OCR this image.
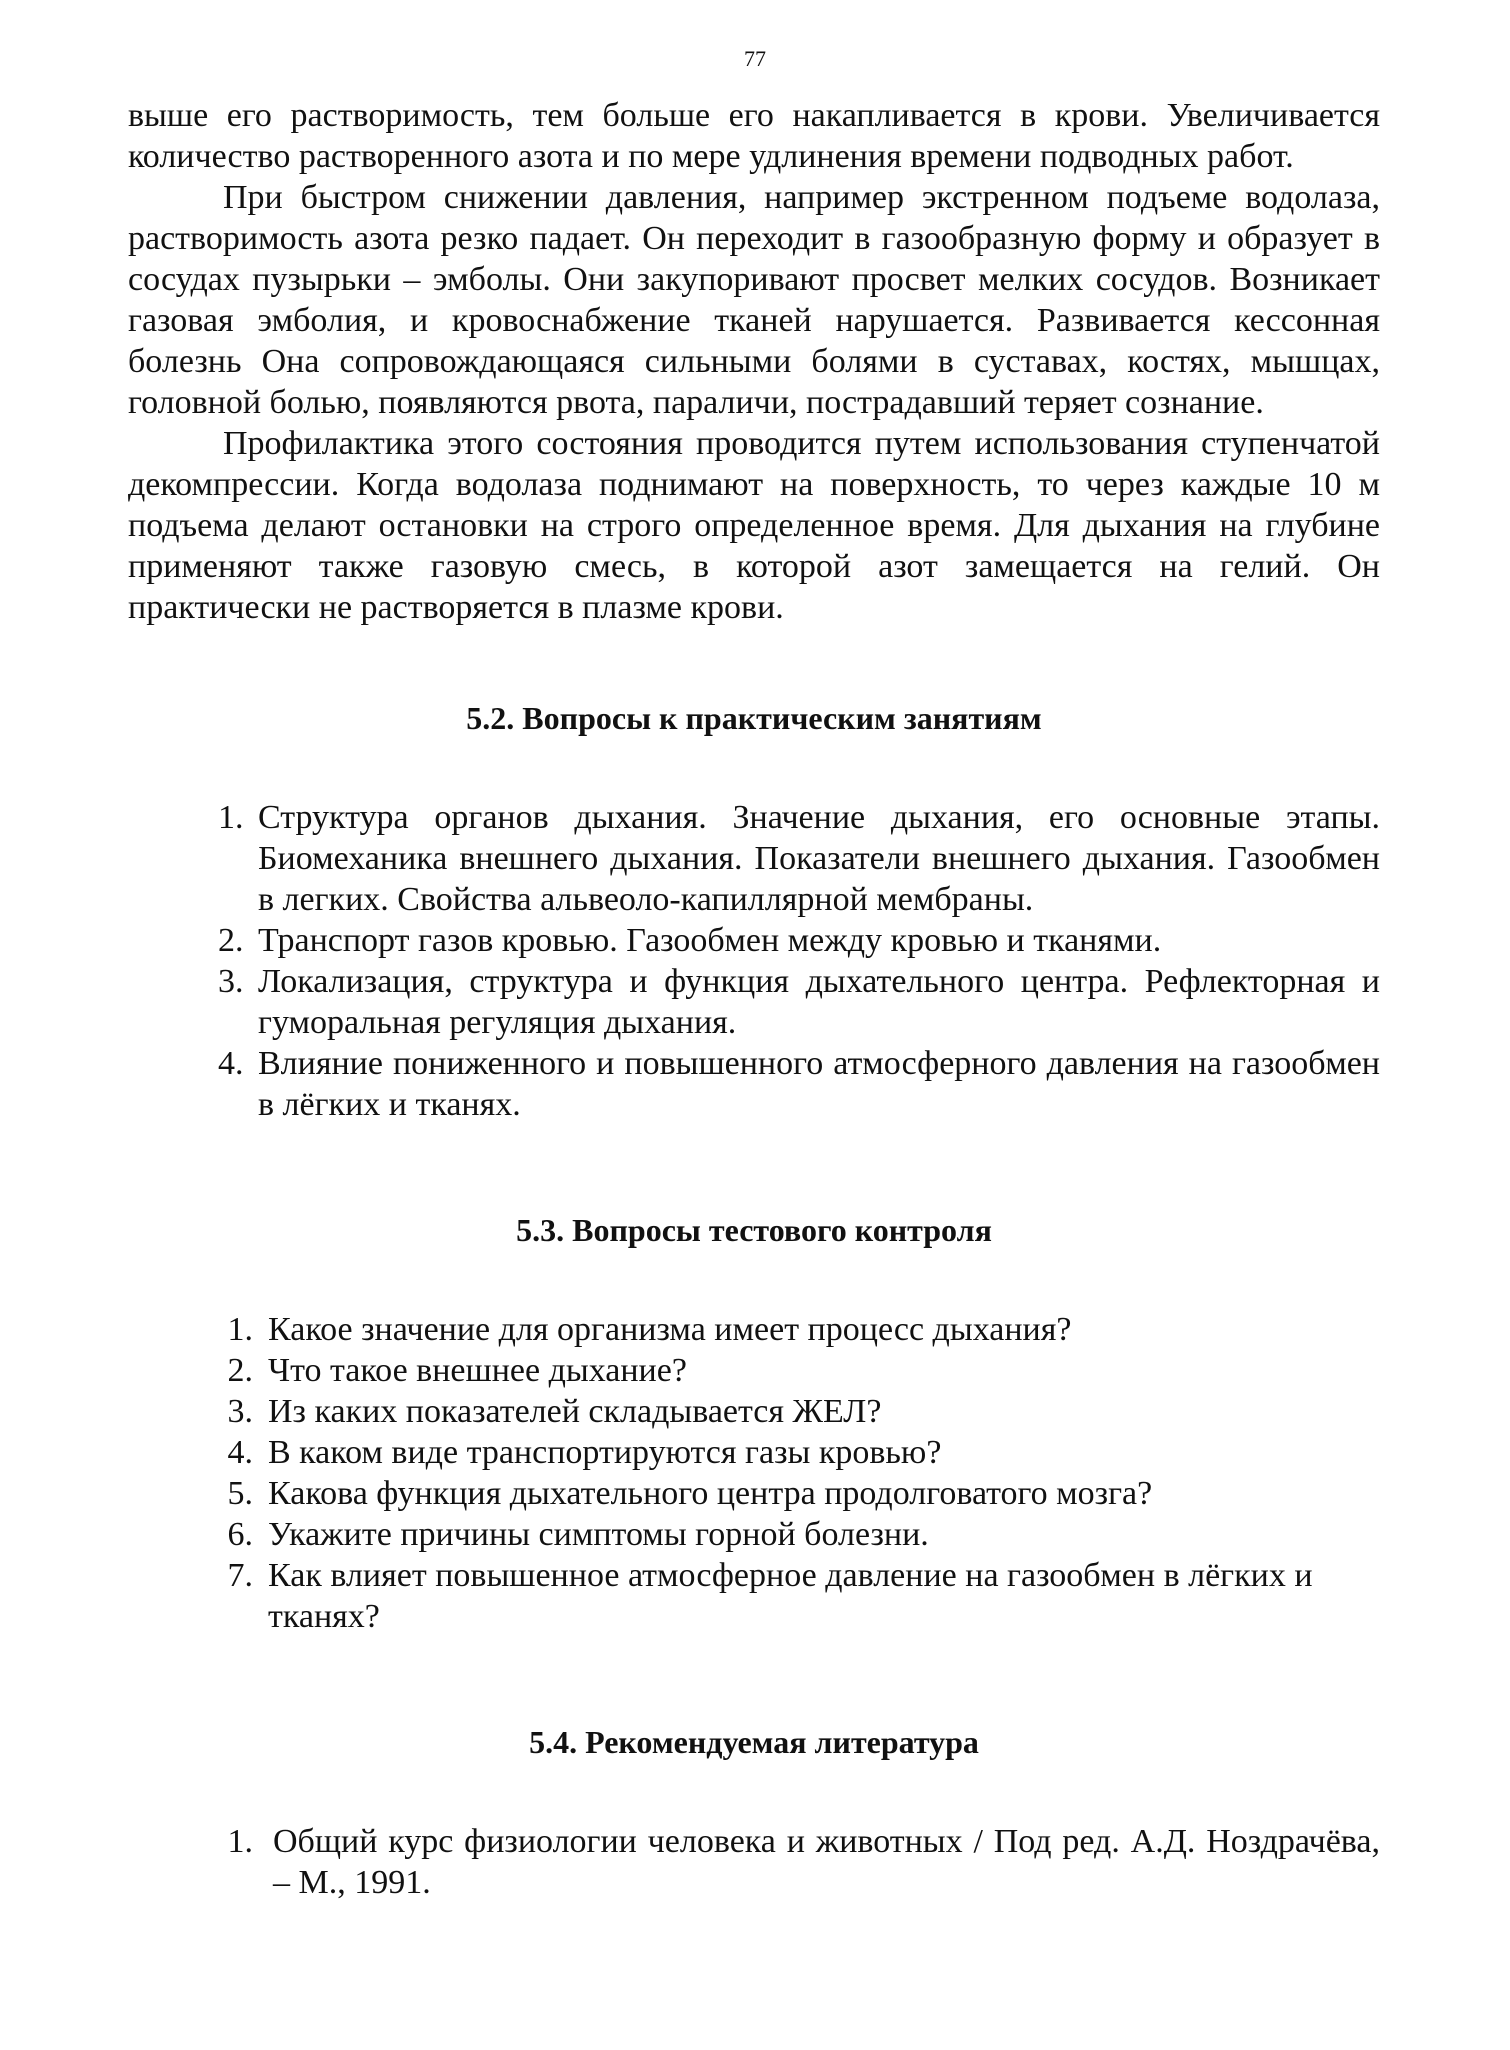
77

выше его растворимость, тем больше его накапливается в крови. Увеличивается количество растворенного азота и по мере удлинения времени подводных работ.

При быстром снижении давления, например экстренном подъеме водолаза, растворимость азота резко падает. Он переходит в газообразную форму и образует в сосудах пузырьки – эмболы. Они закупоривают просвет мелких сосудов. Возникает газовая эмболия, и кровоснабжение тканей нарушается. Развивается кессонная болезнь Она сопровождающаяся сильными болями в суставах, костях, мышцах, головной болью, появляются рвота, параличи, пострадавший теряет сознание.

Профилактика этого состояния проводится путем использования ступенчатой декомпрессии. Когда водолаза поднимают на поверхность, то через каждые 10 м подъема делают остановки на строго определенное время. Для дыхания на глубине применяют также газовую смесь, в которой азот замещается на гелий. Он практически не растворяется в плазме крови.

5.2. Вопросы к практическим занятиям
1. Структура органов дыхания. Значение дыхания, его основные этапы. Биомеханика внешнего дыхания. Показатели внешнего дыхания. Газообмен в легких. Свойства альвеоло-капиллярной мембраны.
2. Транспорт газов кровью. Газообмен между кровью и тканями.
3. Локализация, структура и функция дыхательного центра. Рефлекторная и гуморальная регуляция дыхания.
4. Влияние пониженного и повышенного атмосферного давления на газообмен в лёгких и тканях.
5.3. Вопросы тестового контроля
1. Какое значение для организма имеет процесс дыхания?
2. Что такое внешнее дыхание?
3. Из каких показателей складывается ЖЕЛ?
4. В каком виде транспортируются газы кровью?
5. Какова функция дыхательного центра продолговатого мозга?
6. Укажите причины симптомы горной болезни.
7. Как влияет повышенное атмосферное давление на газообмен в лёгких и тканях?
5.4. Рекомендуемая литература
1. Общий курс физиологии человека и животных / Под ред. А.Д. Ноздрачёва, – М., 1991.
